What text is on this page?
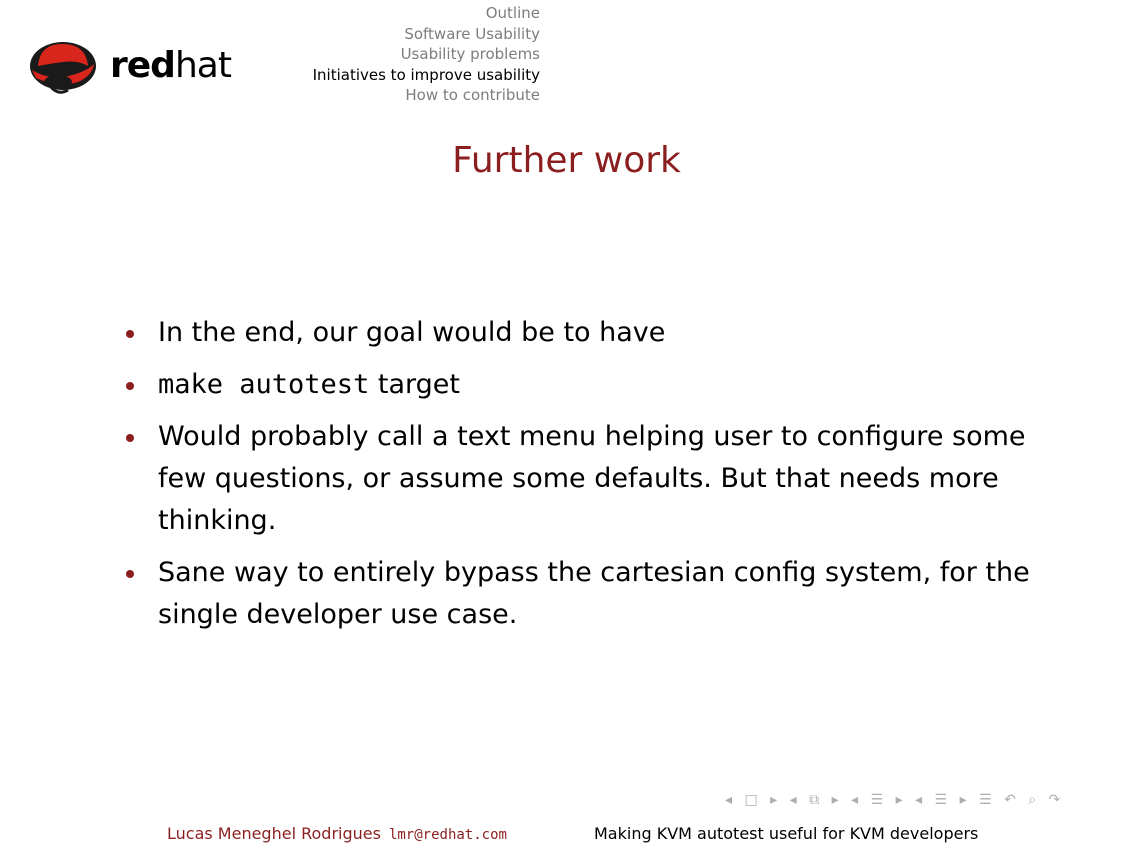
redhat
Outline
Software Usability
Usability problems
Initiatives to improve usability
How to contribute
Further work
In the end, our goal would be to have
make autotest target
Would probably call a text menu helping user to configure some few questions, or assume some defaults. But that needs more thinking.
Sane way to entirely bypass the cartesian config system, for the single developer use case.
◂ □ ▸ ◂ ⧉ ▸ ◂ ☰ ▸ ◂ ☰ ▸ ☰ ↶ ⌕ ↷
Lucas Meneghel Rodrigues lmr@redhat.com	Making KVM autotest useful for KVM developers
